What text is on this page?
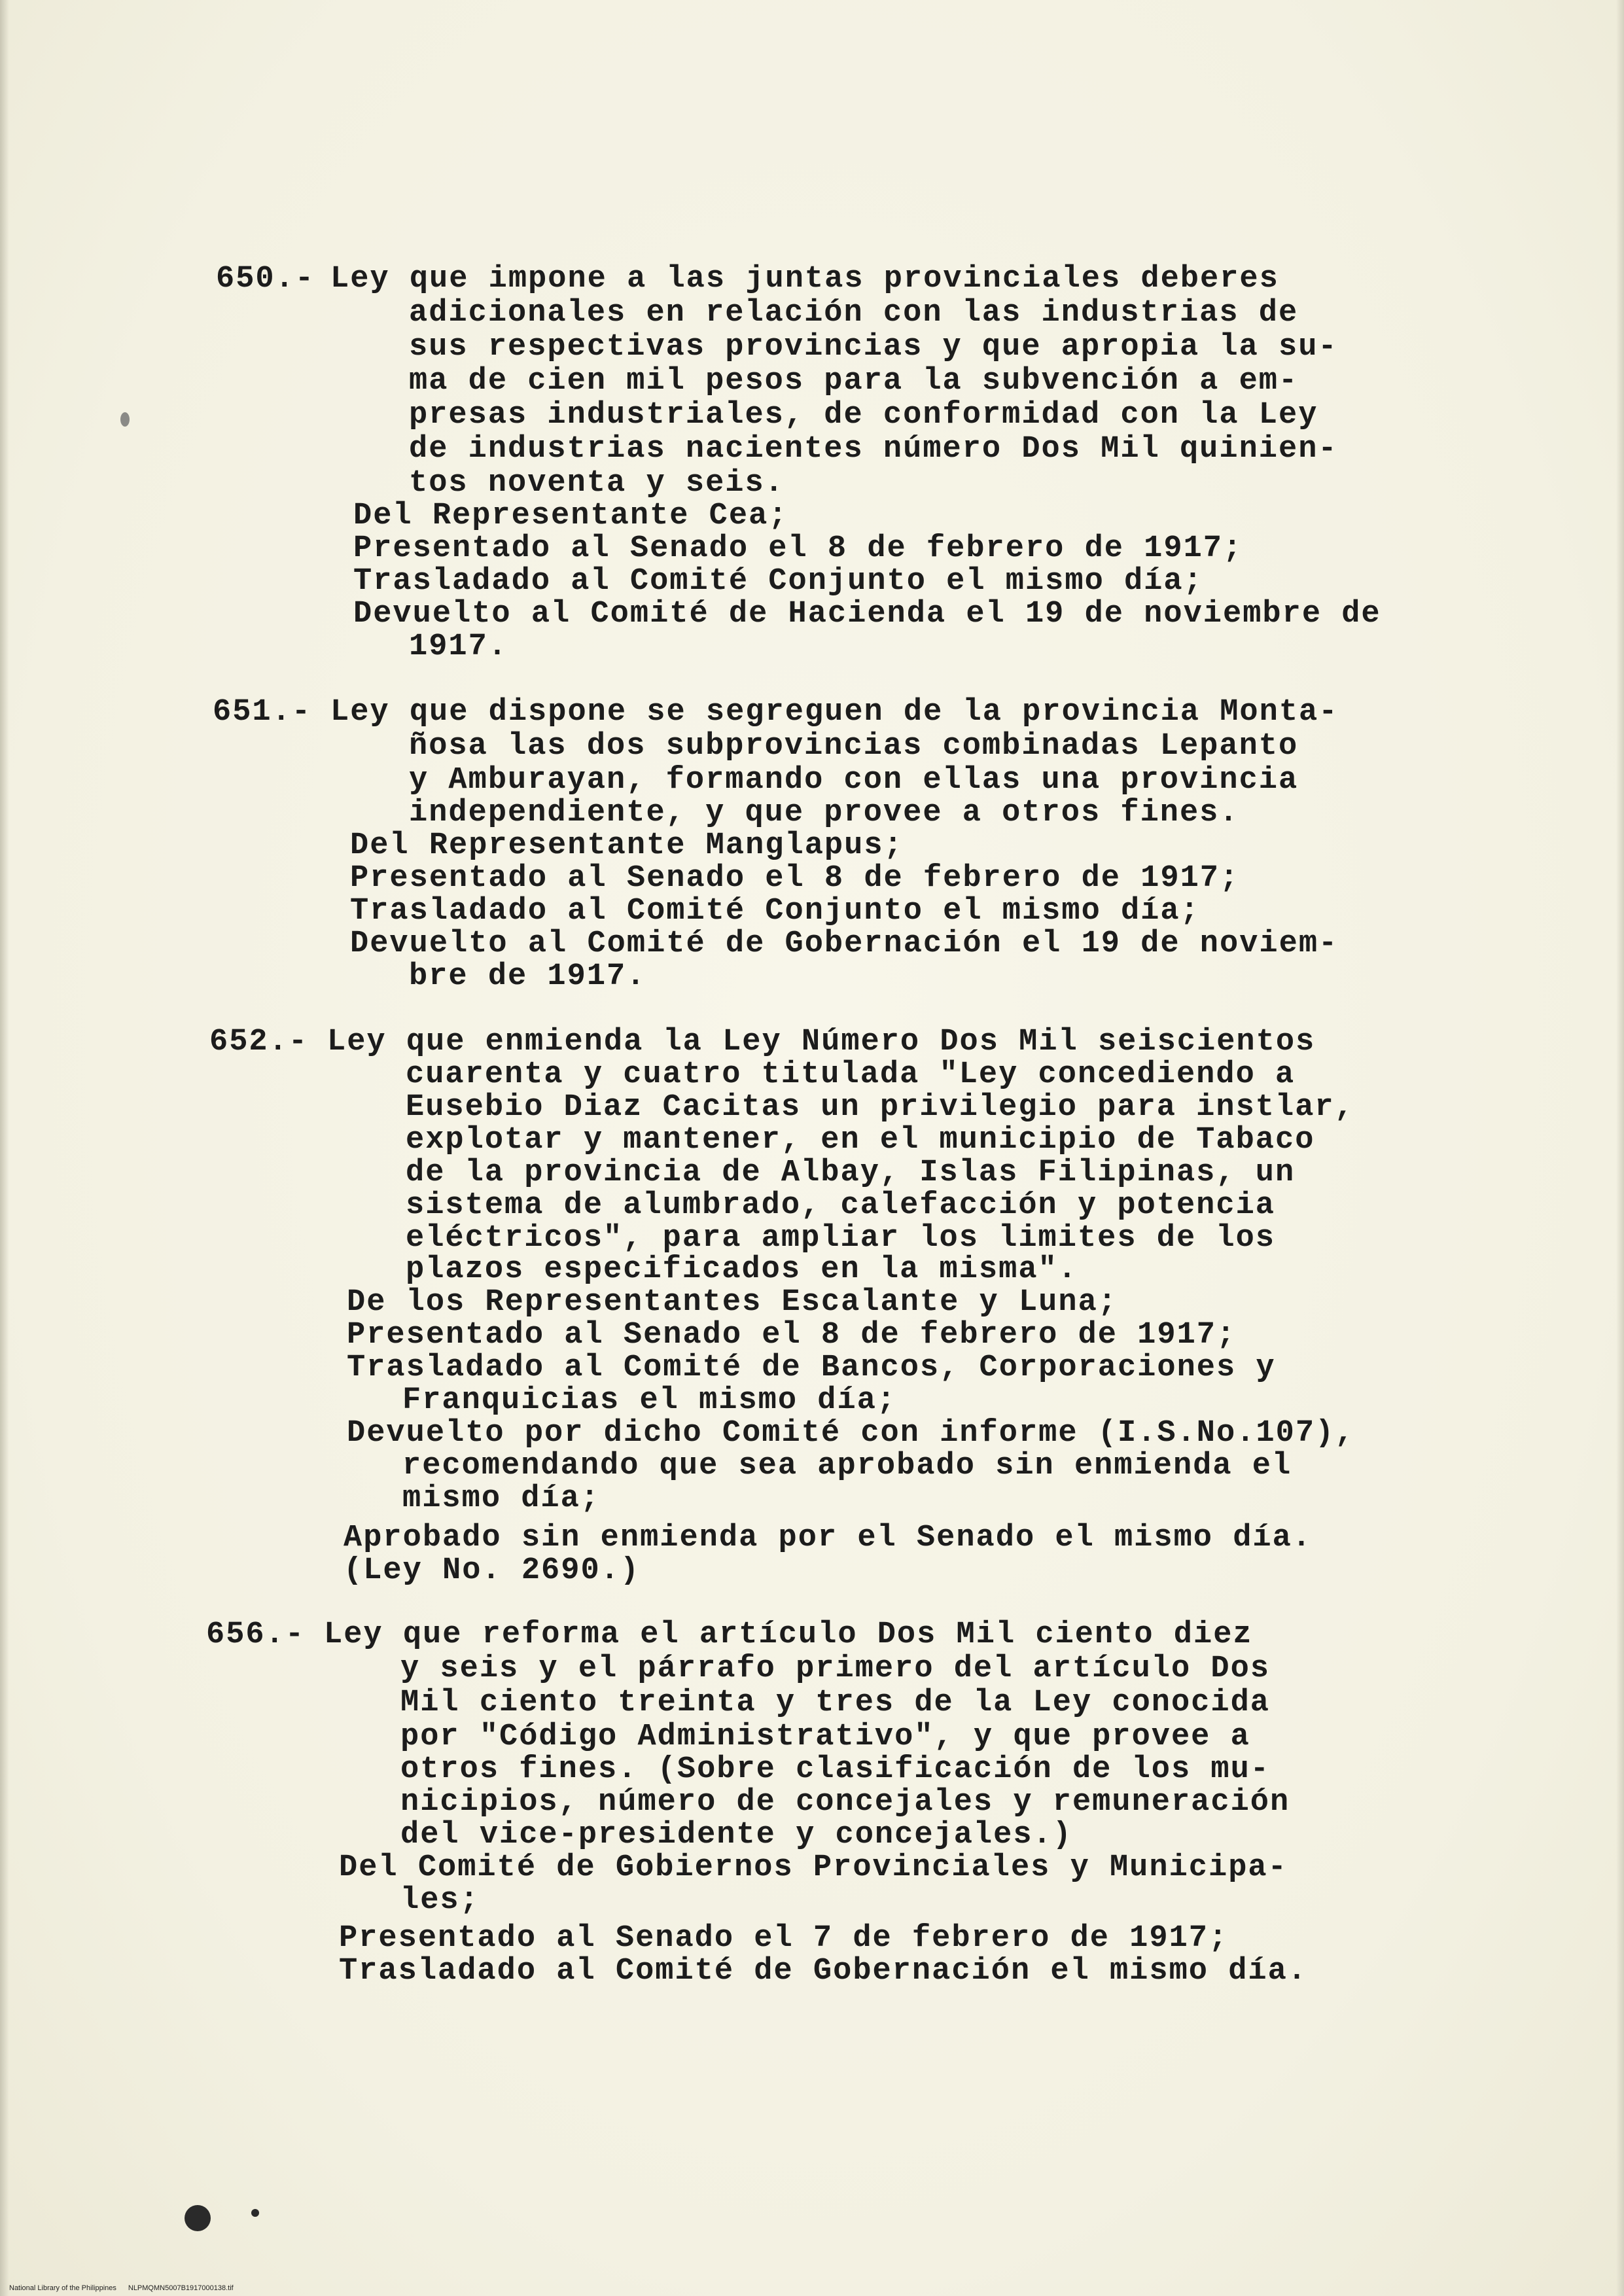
650.- Ley que impone a las juntas provinciales deberes
adicionales en relación con las industrias de
sus respectivas provincias y que apropia la su-
ma de cien mil pesos para la subvención a em-
presas industriales, de conformidad con la Ley
de industrias nacientes número Dos Mil quinien-
tos noventa y seis.
Del Representante Cea;
Presentado al Senado el 8 de febrero de 1917;
Trasladado al Comité Conjunto el mismo día;
Devuelto al Comité de Hacienda el 19 de noviembre de
1917.
651.- Ley que dispone se segreguen de la provincia Monta-
ñosa las dos subprovincias combinadas Lepanto
y Amburayan, formando con ellas una provincia
independiente, y que provee a otros fines.
Del Representante Manglapus;
Presentado al Senado el 8 de febrero de 1917;
Trasladado al Comité Conjunto el mismo día;
Devuelto al Comité de Gobernación el 19 de noviem-
bre de 1917.
652.- Ley que enmienda la Ley Número Dos Mil seiscientos
cuarenta y cuatro titulada "Ley concediendo a
Eusebio Diaz Cacitas un privilegio para instlar,
explotar y mantener, en el municipio de Tabaco
de la provincia de Albay, Islas Filipinas, un
sistema de alumbrado, calefacción y potencia
eléctricos", para ampliar los limites de los
plazos especificados en la misma".
De los Representantes Escalante y Luna;
Presentado al Senado el 8 de febrero de 1917;
Trasladado al Comité de Bancos, Corporaciones y
Franquicias el mismo día;
Devuelto por dicho Comité con informe (I.S.No.107),
recomendando que sea aprobado sin enmienda el
mismo día;
Aprobado sin enmienda por el Senado el mismo día.
(Ley No. 2690.)
656.- Ley que reforma el artículo Dos Mil ciento diez
y seis y el párrafo primero del artículo Dos
Mil ciento treinta y tres de la Ley conocida
por "Código Administrativo", y que provee a
otros fines. (Sobre clasificación de los mu-
nicipios, número de concejales y remuneración
del vice-presidente y concejales.)
Del Comité de Gobiernos Provinciales y Municipa-
les;
Presentado al Senado el 7 de febrero de 1917;
Trasladado al Comité de Gobernación el mismo día.
National Library of the Philippines NLPMQMN5007B1917000138.tif
